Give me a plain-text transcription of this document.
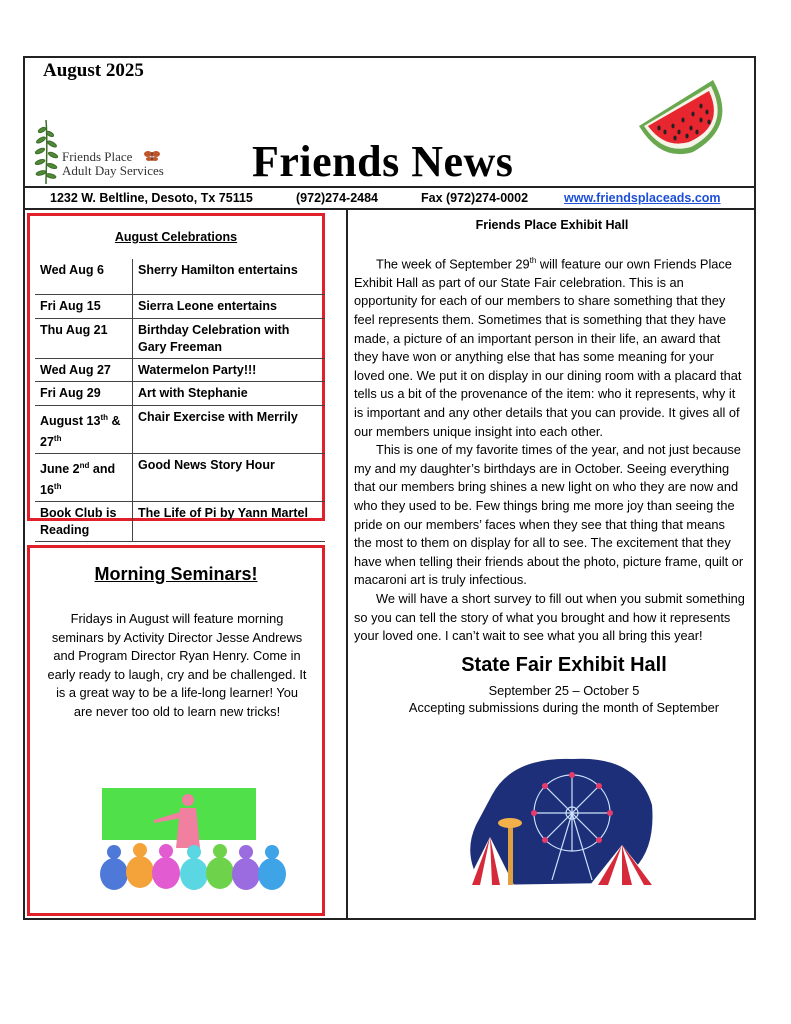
August 2025
Friends Place
Adult Day Services Friends News
1232 W. Beltline, Desoto, Tx 75115	(972)274-2484	Fax (972)274-0002	www.friendsplaceads.com
August Celebrations
Wed Aug 6	Sherry Hamilton entertains
Fri Aug 15	Sierra Leone entertains
Thu Aug 21	Birthday Celebration with Gary Freeman
Wed Aug 27	Watermelon Party!!!
Fri Aug 29	Art with Stephanie
August 13th & 27th	Chair Exercise with Merrily
June 2nd and 16th	Good News Story Hour
Book Club is Reading	The Life of Pi by Yann Martel
Morning Seminars!
Fridays in August will feature morning seminars by Activity Director Jesse Andrews and Program Director Ryan Henry. Come in early ready to laugh, cry and be challenged. It is a great way to be a life-long learner! You are never too old to learn new tricks!
Friends Place Exhibit Hall

The week of September 29th will feature our own Friends Place Exhibit Hall as part of our State Fair celebration. This is an opportunity for each of our members to share something that they feel represents them. Sometimes that is something that they have made, a picture of an important person in their life, an award that they have won or anything else that has some meaning for your loved one. We put it on display in our dining room with a placard that tells us a bit of the provenance of the item: who it represents, why it is important and any other details that you can provide. It gives all of our members unique insight into each other.

This is one of my favorite times of the year, and not just because my and my daughter’s birthdays are in October. Seeing everything that our members bring shines a new light on who they are now and who they used to be. Few things bring me more joy than seeing the pride on our members’ faces when they see that thing that means the most to them on display for all to see. The excitement that they have when telling their friends about the photo, picture frame, quilt or macaroni art is truly infectious.

We will have a short survey to fill out when you submit something so you can tell the story of what you brought and how it represents your loved one. I can’t wait to see what you all bring this year!

State Fair Exhibit Hall
September 25 – October 5
Accepting submissions during the month of September
